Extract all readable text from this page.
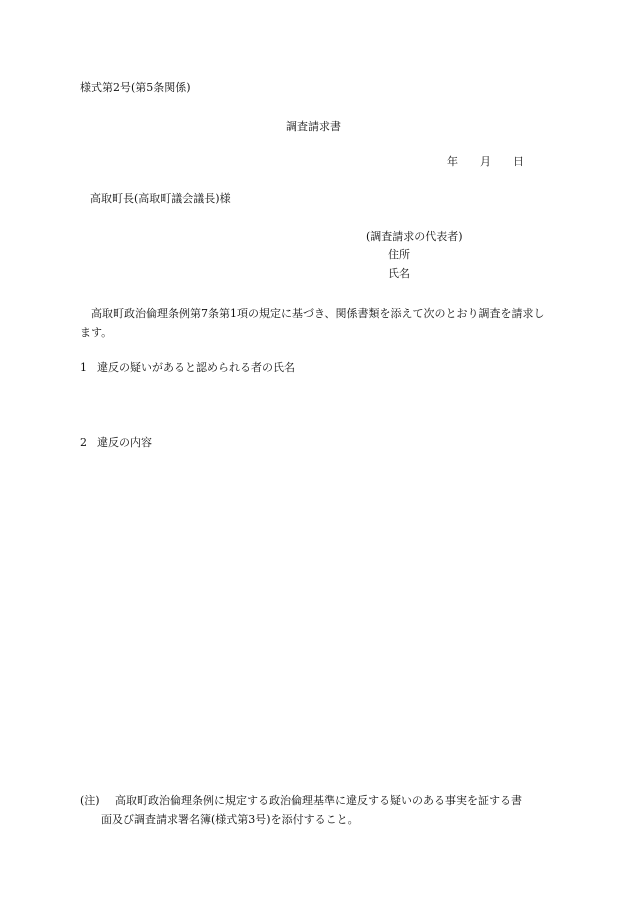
様式第2号(第5条関係)
調査請求書
年 月 日
高取町長(高取町議会議長)様
(調査請求の代表者)
住所
氏名
高取町政治倫理条例第7条第1項の規定に基づき、関係書類を添えて次のとおり調査を請求します。
1 違反の疑いがあると認められる者の氏名
2 違反の内容
(注) 高取町政治倫理条例に規定する政治倫理基準に違反する疑いのある事実を証する書
面及び調査請求署名簿(様式第3号)を添付すること。
